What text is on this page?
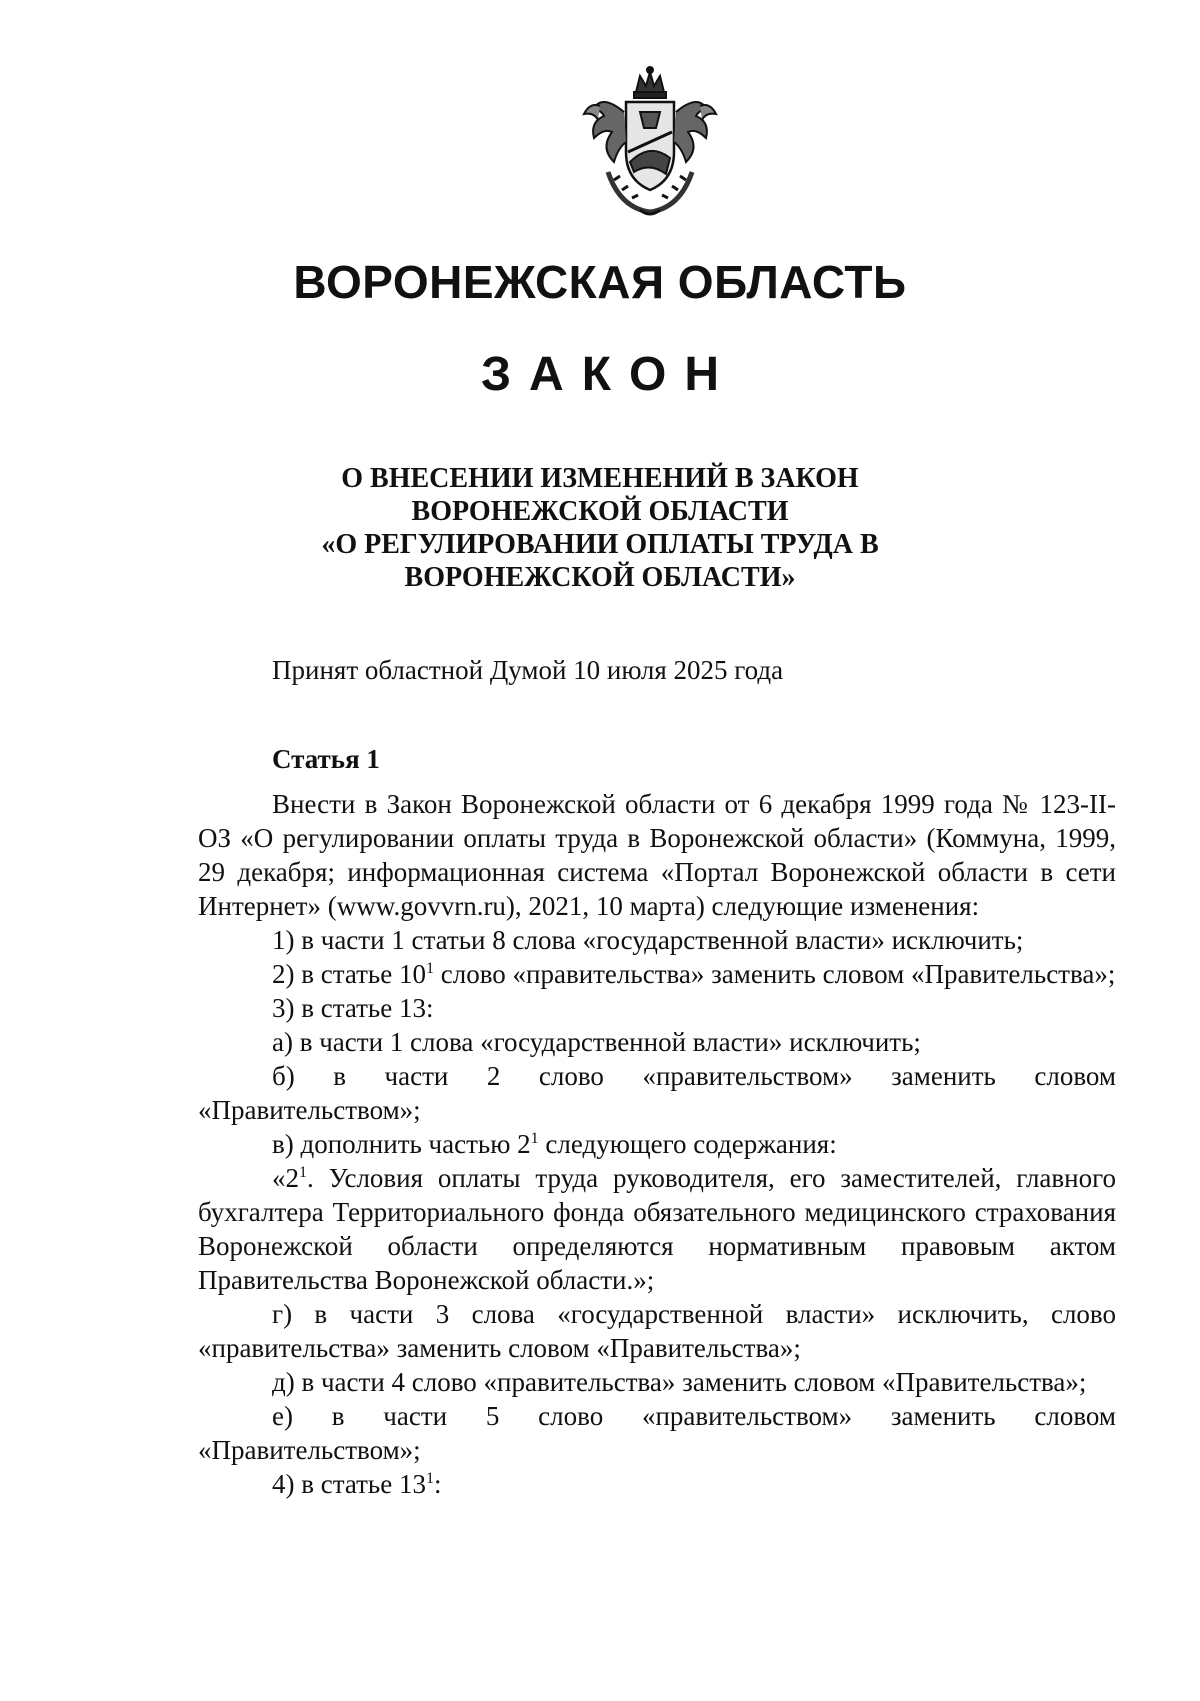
ВОРОНЕЖСКАЯ ОБЛАСТЬ
ЗАКОН
О ВНЕСЕНИИ ИЗМЕНЕНИЙ В ЗАКОН
ВОРОНЕЖСКОЙ ОБЛАСТИ
«О РЕГУЛИРОВАНИИ ОПЛАТЫ ТРУДА В
ВОРОНЕЖСКОЙ ОБЛАСТИ»
Принят областной Думой 10 июля 2025 года
Статья 1

Внести в Закон Воронежской области от 6 декабря 1999 года № 123-II-ОЗ «О регулировании оплаты труда в Воронежской области» (Коммуна, 1999, 29 декабря; информационная система «Портал Воронежской области в сети Интернет» (www.govvrn.ru), 2021, 10 марта) следующие изменения:

1) в части 1 статьи 8 слова «государственной власти» исключить;

2) в статье $10^1$ слово «правительства» заменить словом «Правительства»;

3) в статье 13:

а) в части 1 слова «государственной власти» исключить;

б) в части 2 слово «правительством» заменить словом «Правительством»;

в) дополнить частью $2^1$ следующего содержания:

«$2^1$. Условия оплаты труда руководителя, его заместителей, главного бухгалтера Территориального фонда обязательного медицинского страхования Воронежской области определяются нормативным правовым актом Правительства Воронежской области.»;

г) в части 3 слова «государственной власти» исключить, слово «правительства» заменить словом «Правительства»;

д) в части 4 слово «правительства» заменить словом «Правительства»;

е) в части 5 слово «правительством» заменить словом «Правительством»;

4) в статье $13^1$:
